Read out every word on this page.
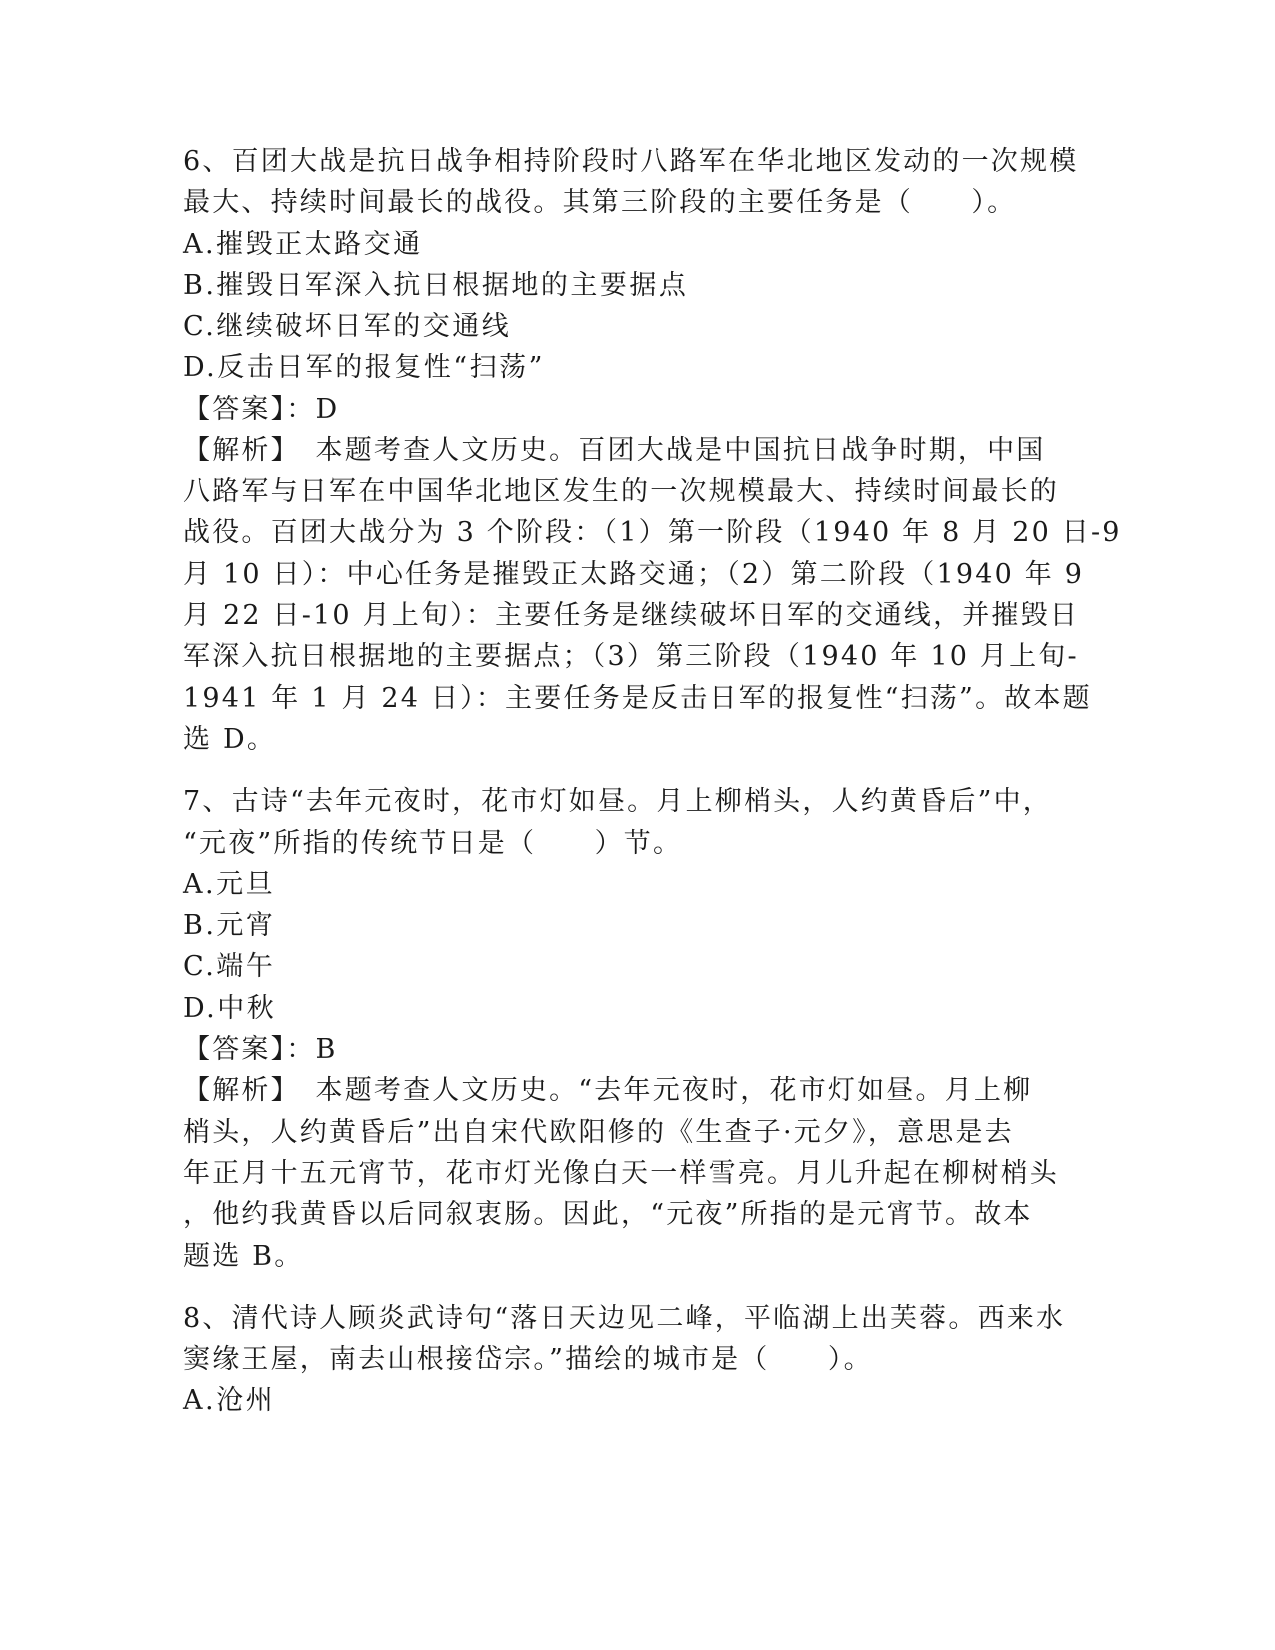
6、百团大战是抗日战争相持阶段时八路军在华北地区发动的一次规模
最大、持续时间最长的战役。其第三阶段的主要任务是（　　）。
A.摧毁正太路交通
B.摧毁日军深入抗日根据地的主要据点
C.继续破坏日军的交通线
D.反击日军的报复性“扫荡”
【答案】：D
【解析】　本题考查人文历史。百团大战是中国抗日战争时期，中国
八路军与日军在中国华北地区发生的一次规模最大、持续时间最长的
战役。百团大战分为 3 个阶段：（1）第一阶段（1940 年 8 月 20 日-9
月 10 日）：中心任务是摧毁正太路交通；（2）第二阶段（1940 年 9
月 22 日-10 月上旬）：主要任务是继续破坏日军的交通线，并摧毁日
军深入抗日根据地的主要据点；（3）第三阶段（1940 年 10 月上旬-
1941 年 1 月 24 日）：主要任务是反击日军的报复性“扫荡”。故本题
选 D。
7、古诗“去年元夜时，花市灯如昼。月上柳梢头，人约黄昏后”中，
“元夜”所指的传统节日是（　　）节。
A.元旦
B.元宵
C.端午
D.中秋
【答案】：B
【解析】　本题考查人文历史。“去年元夜时，花市灯如昼。月上柳
梢头，人约黄昏后”出自宋代欧阳修的《生查子·元夕》，意思是去
年正月十五元宵节，花市灯光像白天一样雪亮。月儿升起在柳树梢头
，他约我黄昏以后同叙衷肠。因此，“元夜”所指的是元宵节。故本
题选 B。
8、清代诗人顾炎武诗句“落日天边见二峰，平临湖上出芙蓉。西来水
窦缘王屋，南去山根接岱宗。”描绘的城市是（　　）。
A.沧州
